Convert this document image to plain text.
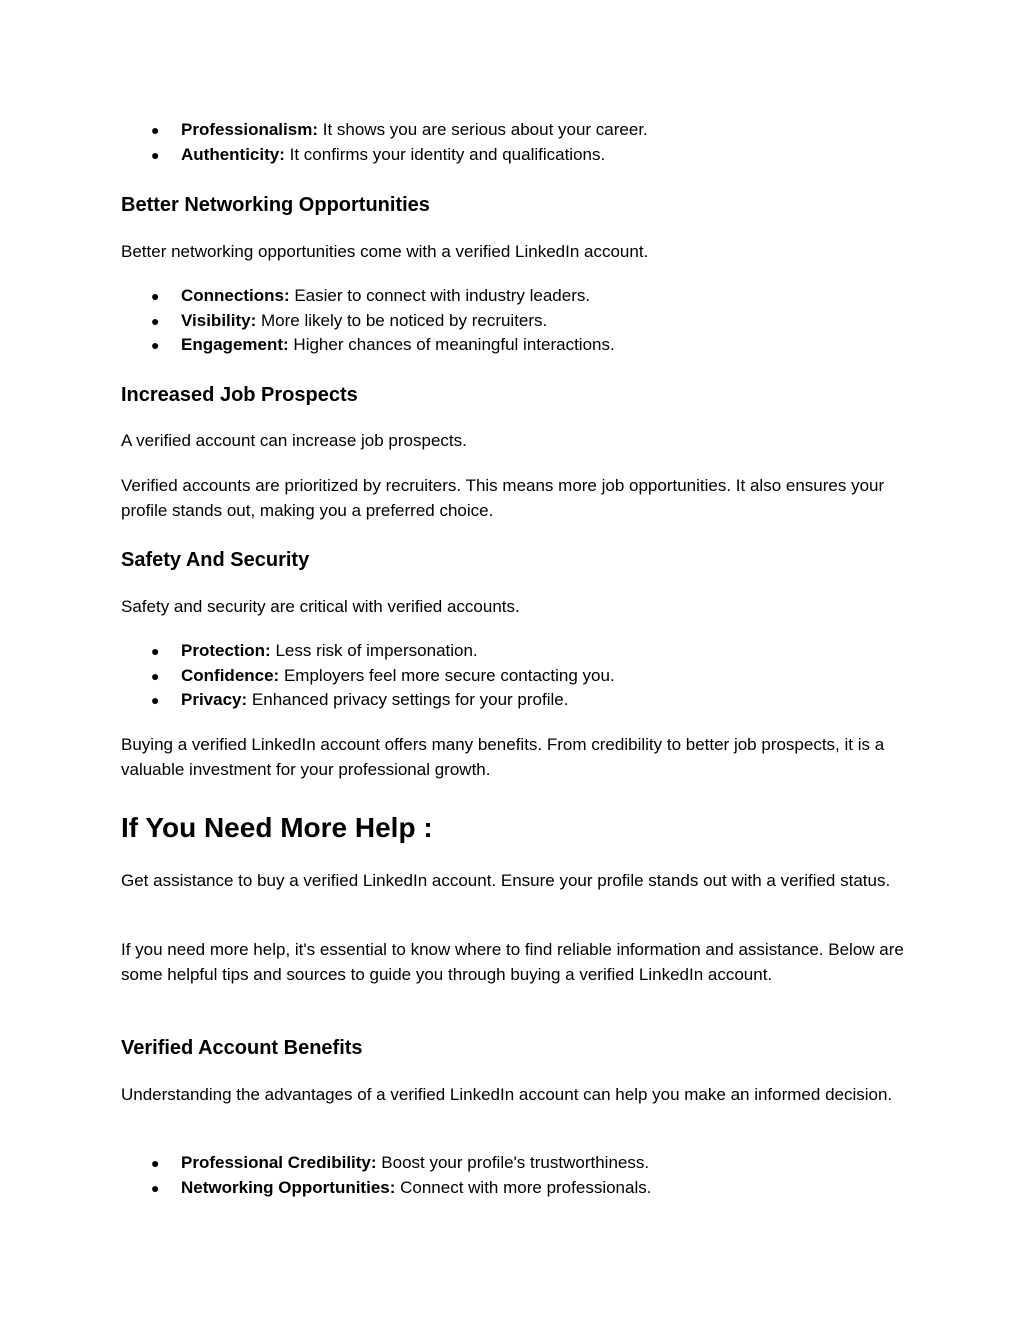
● Professionalism: It shows you are serious about your career.
● Authenticity: It confirms your identity and qualifications.
Better Networking Opportunities

Better networking opportunities come with a verified LinkedIn account.

● Connections: Easier to connect with industry leaders.
● Visibility: More likely to be noticed by recruiters.
● Engagement: Higher chances of meaningful interactions.
Increased Job Prospects

A verified account can increase job prospects.

Verified accounts are prioritized by recruiters. This means more job opportunities. It also ensures your profile stands out, making you a preferred choice.

Safety And Security

Safety and security are critical with verified accounts.

● Protection: Less risk of impersonation.
● Confidence: Employers feel more secure contacting you.
● Privacy: Enhanced privacy settings for your profile.

Buying a verified LinkedIn account offers many benefits. From credibility to better job prospects, it is a valuable investment for your professional growth.

If You Need More Help :

Get assistance to buy a verified LinkedIn account. Ensure your profile stands out with a verified status.

If you need more help, it's essential to know where to find reliable information and assistance. Below are some helpful tips and sources to guide you through buying a verified LinkedIn account.

Verified Account Benefits

Understanding the advantages of a verified LinkedIn account can help you make an informed decision.

● Professional Credibility: Boost your profile's trustworthiness.
● Networking Opportunities: Connect with more professionals.
